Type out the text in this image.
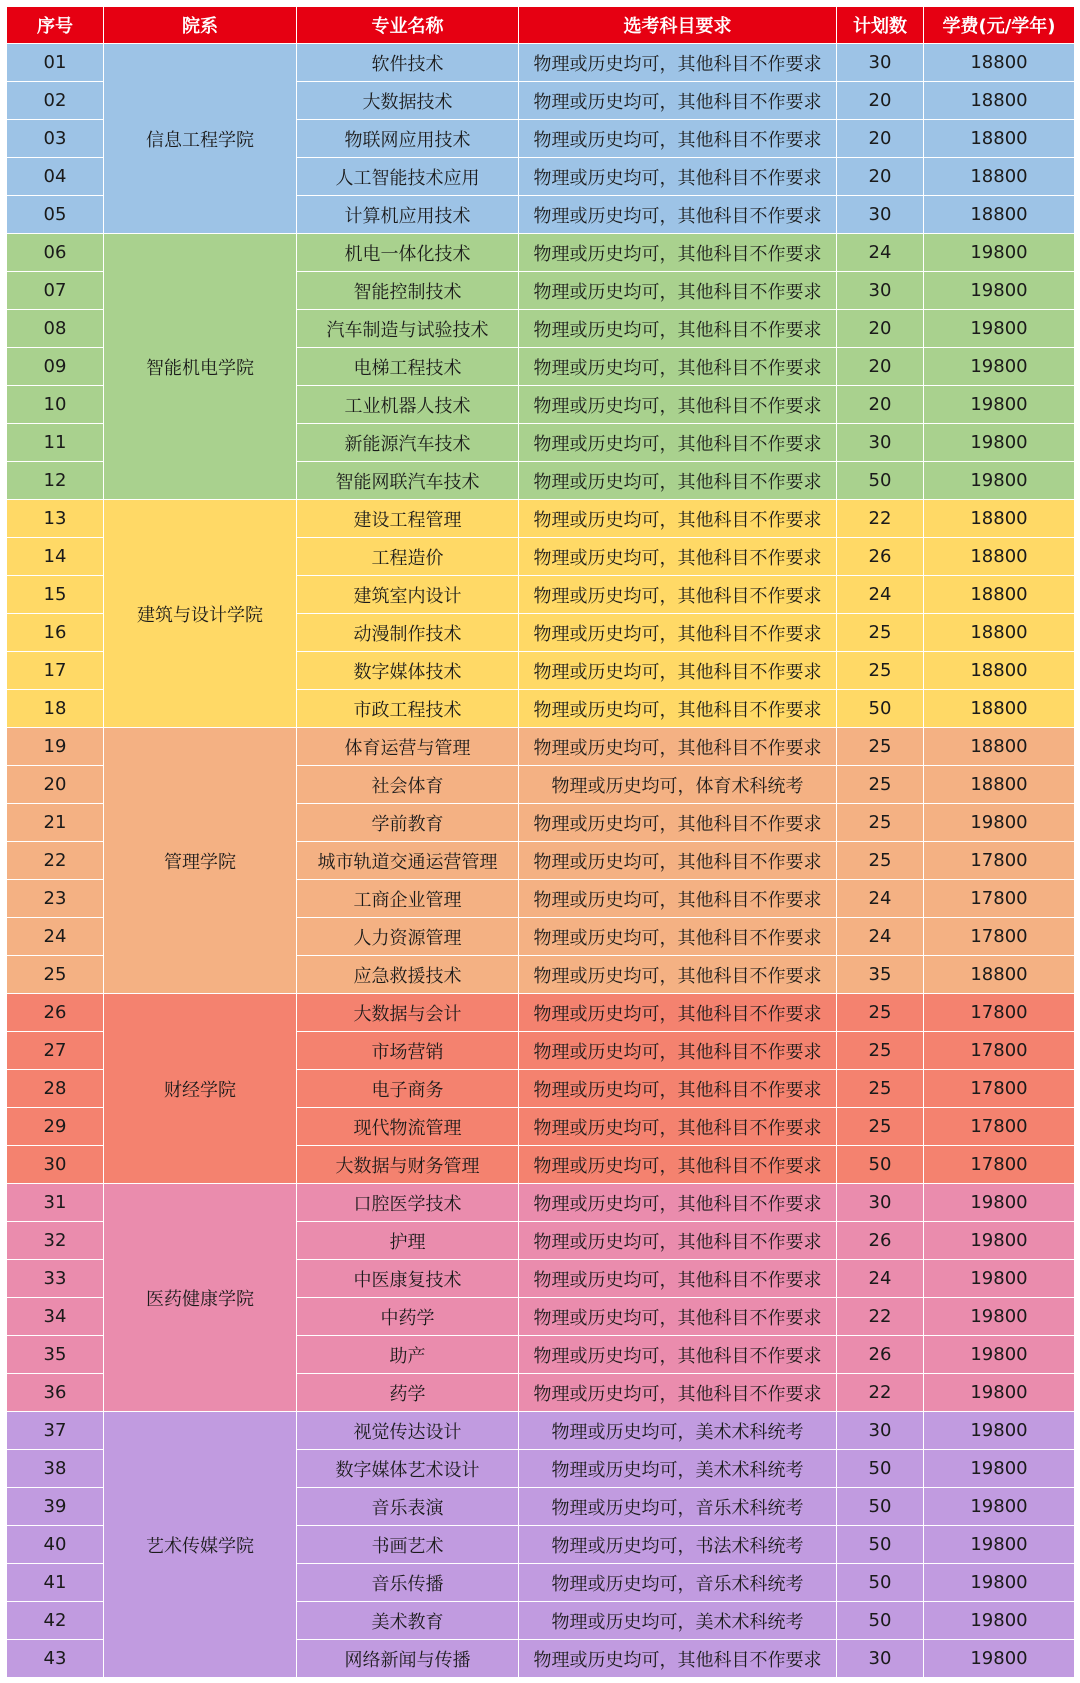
序号	院系	专业名称	选考科目要求	计划数	学费(元/学年)
01	信息工程学院	软件技术	物理或历史均可，其他科目不作要求	30	18800
02		大数据技术	物理或历史均可，其他科目不作要求	20	18800
03		物联网应用技术	物理或历史均可，其他科目不作要求	20	18800
04		人工智能技术应用	物理或历史均可，其他科目不作要求	20	18800
05		计算机应用技术	物理或历史均可，其他科目不作要求	30	18800
06	智能机电学院	机电一体化技术	物理或历史均可，其他科目不作要求	24	19800
07		智能控制技术	物理或历史均可，其他科目不作要求	30	19800
08		汽车制造与试验技术	物理或历史均可，其他科目不作要求	20	19800
09		电梯工程技术	物理或历史均可，其他科目不作要求	20	19800
10		工业机器人技术	物理或历史均可，其他科目不作要求	20	19800
11		新能源汽车技术	物理或历史均可，其他科目不作要求	30	19800
12		智能网联汽车技术	物理或历史均可，其他科目不作要求	50	19800
13	建筑与设计学院	建设工程管理	物理或历史均可，其他科目不作要求	22	18800
14		工程造价	物理或历史均可，其他科目不作要求	26	18800
15		建筑室内设计	物理或历史均可，其他科目不作要求	24	18800
16		动漫制作技术	物理或历史均可，其他科目不作要求	25	18800
17		数字媒体技术	物理或历史均可，其他科目不作要求	25	18800
18		市政工程技术	物理或历史均可，其他科目不作要求	50	18800
19	管理学院	体育运营与管理	物理或历史均可，其他科目不作要求	25	18800
20		社会体育	物理或历史均可，体育术科统考	25	18800
21		学前教育	物理或历史均可，其他科目不作要求	25	19800
22		城市轨道交通运营管理	物理或历史均可，其他科目不作要求	25	17800
23		工商企业管理	物理或历史均可，其他科目不作要求	24	17800
24		人力资源管理	物理或历史均可，其他科目不作要求	24	17800
25		应急救援技术	物理或历史均可，其他科目不作要求	35	18800
26	财经学院	大数据与会计	物理或历史均可，其他科目不作要求	25	17800
27		市场营销	物理或历史均可，其他科目不作要求	25	17800
28		电子商务	物理或历史均可，其他科目不作要求	25	17800
29		现代物流管理	物理或历史均可，其他科目不作要求	25	17800
30		大数据与财务管理	物理或历史均可，其他科目不作要求	50	17800
31	医药健康学院	口腔医学技术	物理或历史均可，其他科目不作要求	30	19800
32		护理	物理或历史均可，其他科目不作要求	26	19800
33		中医康复技术	物理或历史均可，其他科目不作要求	24	19800
34		中药学	物理或历史均可，其他科目不作要求	22	19800
35		助产	物理或历史均可，其他科目不作要求	26	19800
36		药学	物理或历史均可，其他科目不作要求	22	19800
37	艺术传媒学院	视觉传达设计	物理或历史均可，美术术科统考	30	19800
38		数字媒体艺术设计	物理或历史均可，美术术科统考	50	19800
39		音乐表演	物理或历史均可，音乐术科统考	50	19800
40		书画艺术	物理或历史均可，书法术科统考	50	19800
41		音乐传播	物理或历史均可，音乐术科统考	50	19800
42		美术教育	物理或历史均可，美术术科统考	50	19800
43		网络新闻与传播	物理或历史均可，其他科目不作要求	30	19800
